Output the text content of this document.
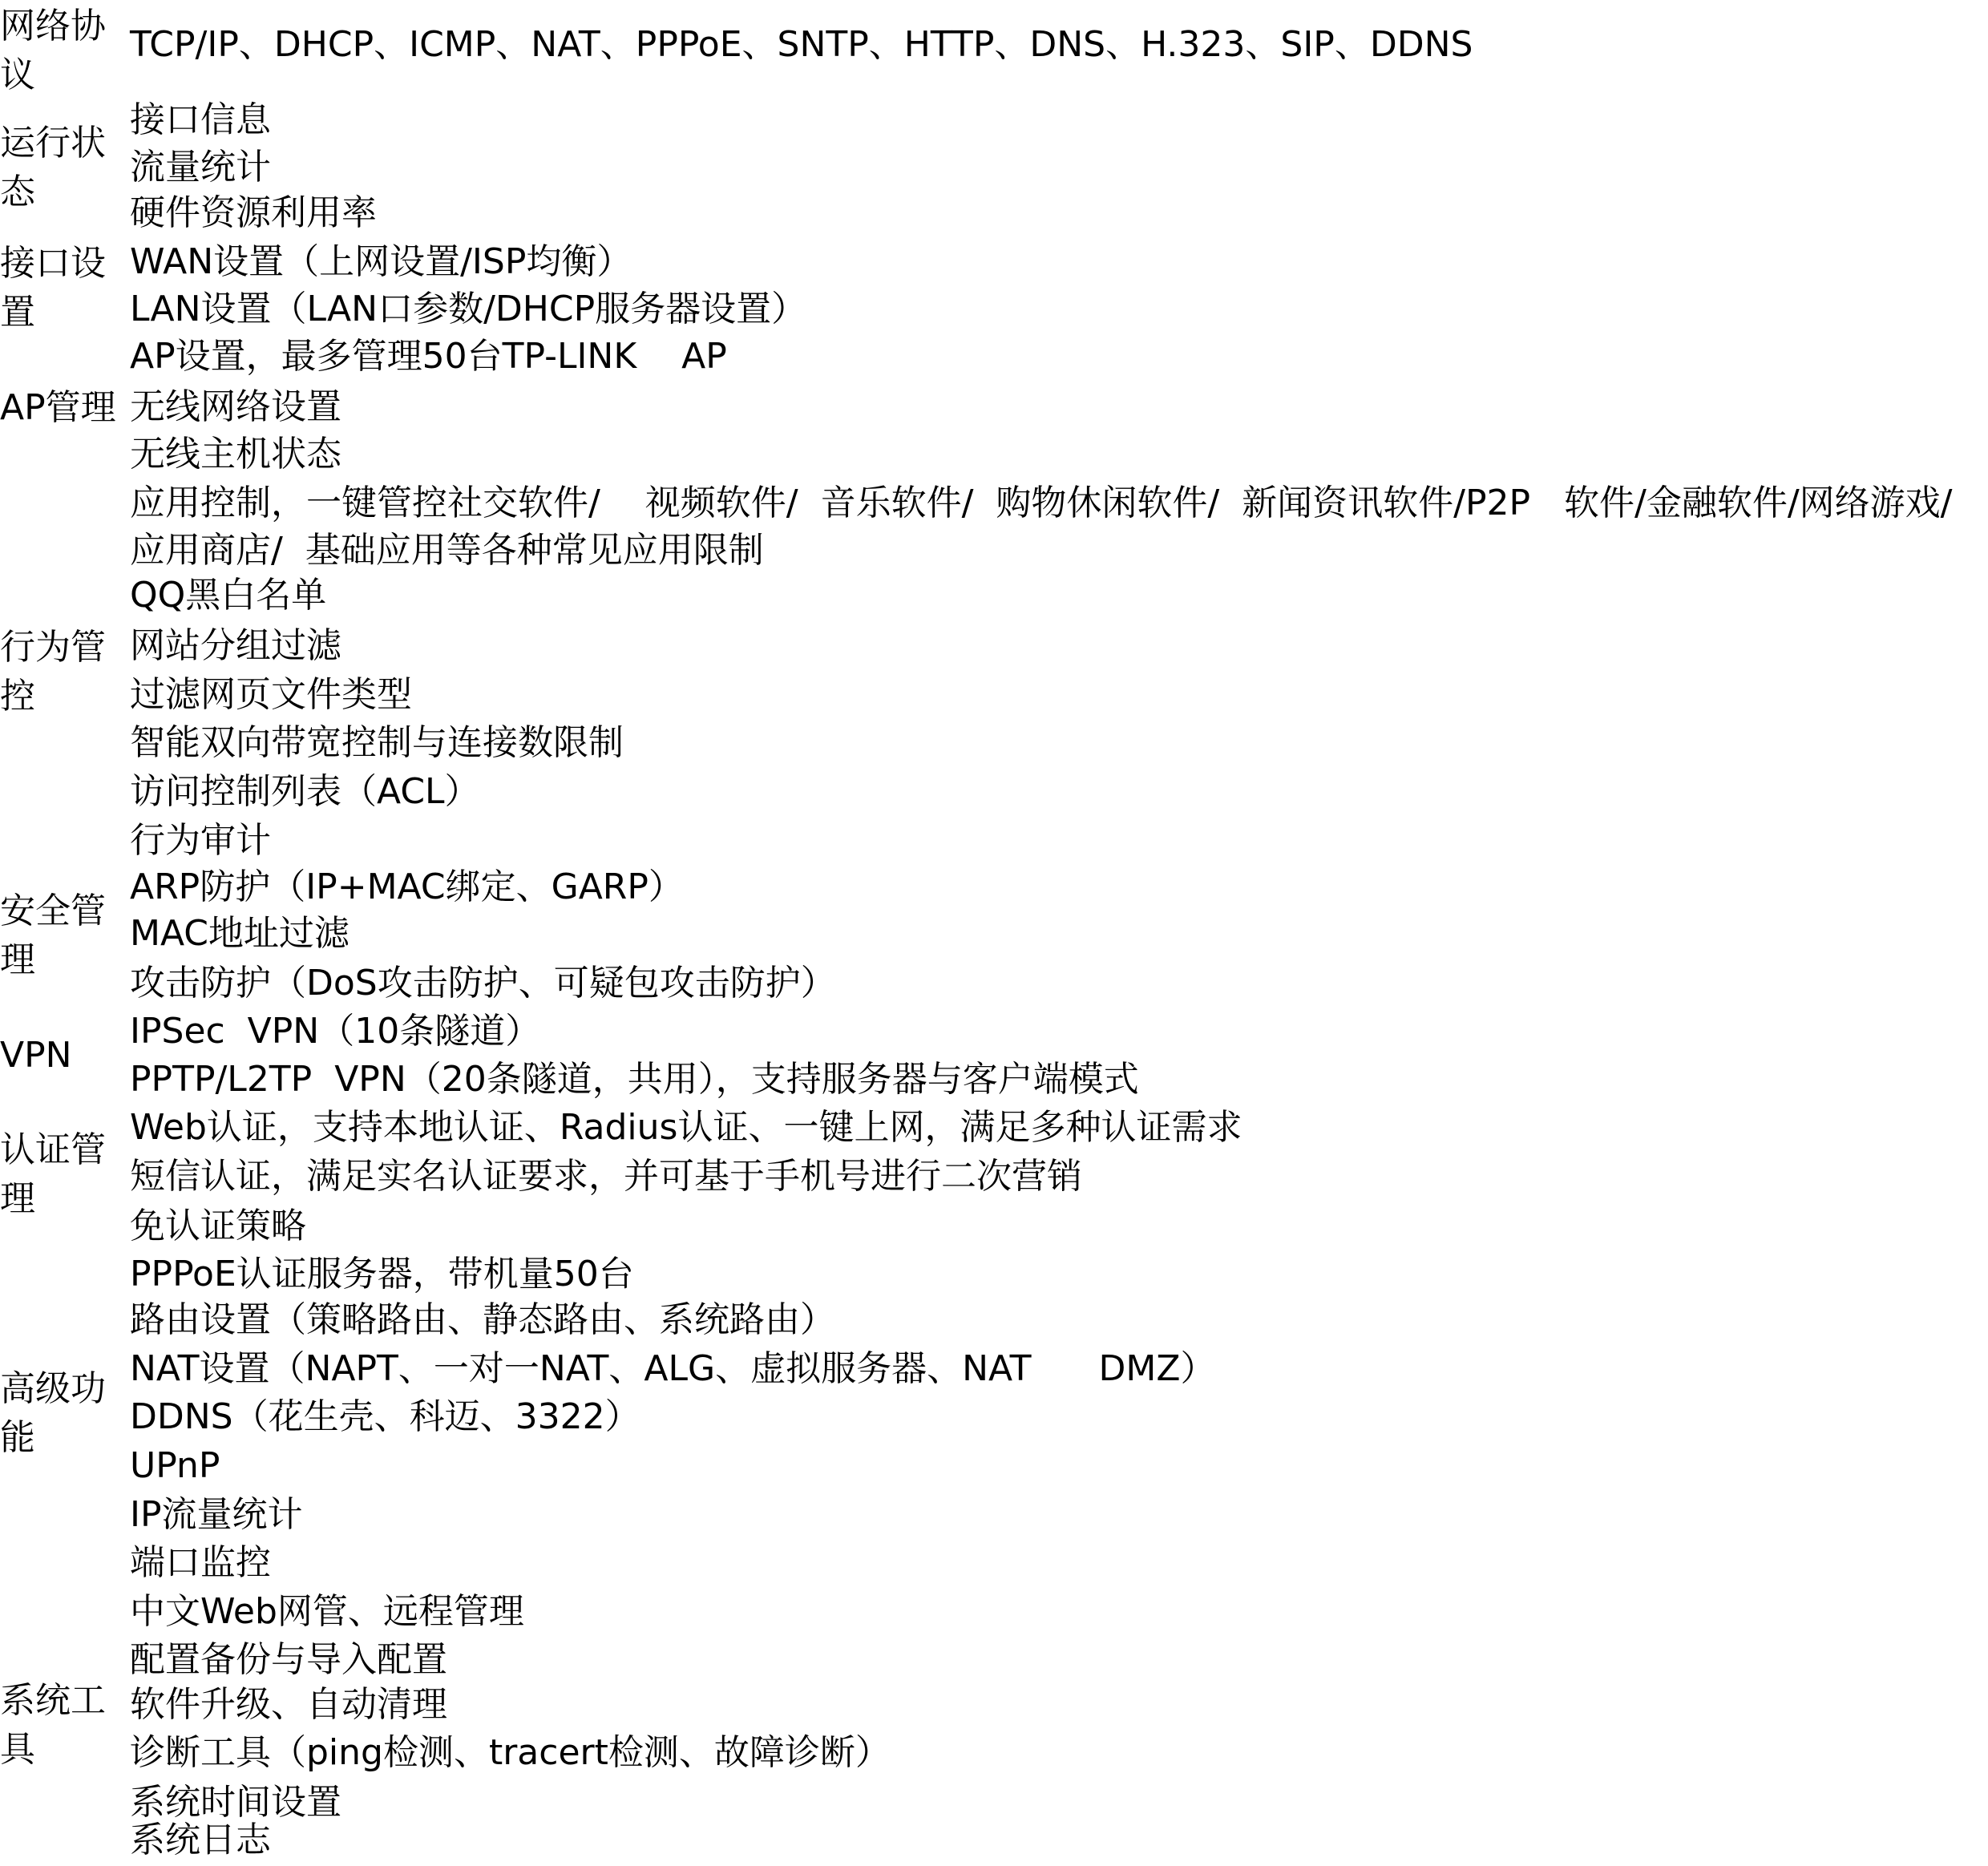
网络协议
运行状态
接口设置
AP管理
行为管控
安全管理
VPN
认证管理
高级功能
系统工具
TCP/IP、DHCP、ICMP、NAT、PPPoE、SNTP、HTTP、DNS、H.323、SIP、DDNS
接口信息
流量统计
硬件资源利用率
WAN设置（上网设置/ISP均衡）
LAN设置（LAN口参数/DHCP服务器设置）
AP设置，最多管理50台TP-LINK    AP
无线网络设置
无线主机状态
应用控制，一键管控社交软件/    视频软件/  音乐软件/  购物休闲软件/  新闻资讯软件/P2P   软件/金融软件/网络游戏/
应用商店/  基础应用等各种常见应用限制
QQ黑白名单
网站分组过滤
过滤网页文件类型
智能双向带宽控制与连接数限制
访问控制列表（ACL）
行为审计
ARP防护（IP+MAC绑定、GARP）
MAC地址过滤
攻击防护（DoS攻击防护、可疑包攻击防护）
IPSec  VPN（10条隧道）
PPTP/L2TP  VPN（20条隧道，共用），支持服务器与客户端模式
Web认证，支持本地认证、Radius认证、一键上网，满足多种认证需求
短信认证，满足实名认证要求，并可基于手机号进行二次营销
免认证策略
PPPoE认证服务器，带机量50台
路由设置（策略路由、静态路由、系统路由）
NAT设置（NAPT、一对一NAT、ALG、虚拟服务器、NAT      DMZ）
DDNS（花生壳、科迈、3322）
UPnP
IP流量统计
端口监控
中文Web网管、远程管理
配置备份与导入配置
软件升级、自动清理
诊断工具（ping检测、tracert检测、故障诊断）
系统时间设置
系统日志
